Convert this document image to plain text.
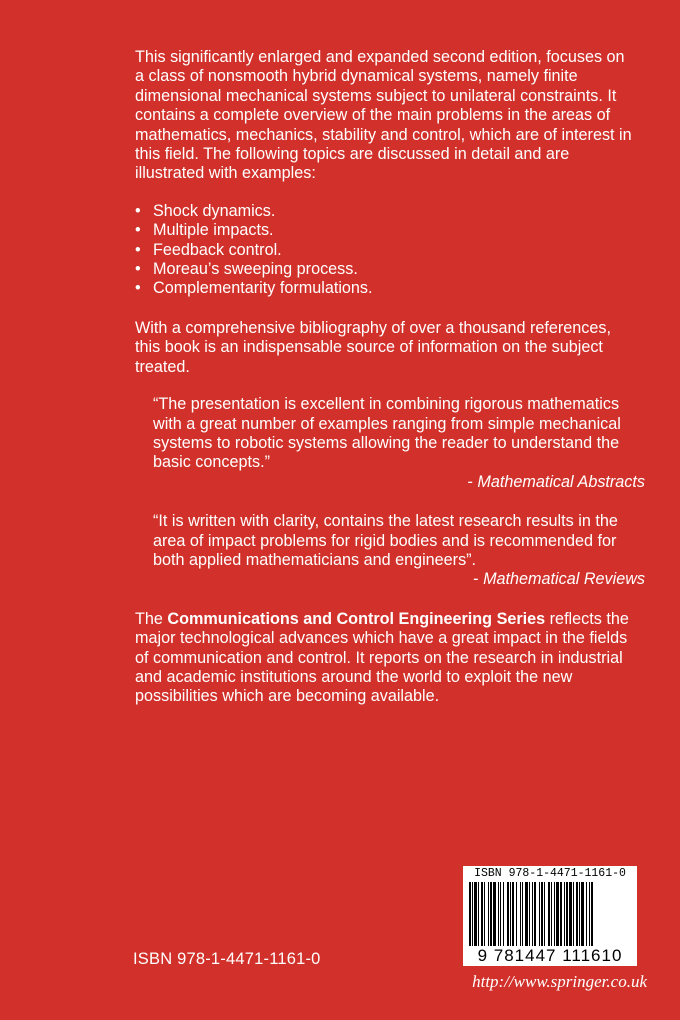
This significantly enlarged and expanded second edition, focuses on a class of nonsmooth hybrid dynamical systems, namely finite dimensional mechanical systems subject to unilateral constraints. It contains a complete overview of the main problems in the areas of mathematics, mechanics, stability and control, which are of interest in this field. The following topics are discussed in detail and are illustrated with examples:

• Shock dynamics.
• Multiple impacts.
• Feedback control.
• Moreau’s sweeping process.
• Complementarity formulations.

With a comprehensive bibliography of over a thousand references, this book is an indispensable source of information on the subject treated.

“The presentation is excellent in combining rigorous mathematics with a great number of examples ranging from simple mechanical systems to robotic systems allowing the reader to understand the basic concepts.”

- Mathematical Abstracts

“It is written with clarity, contains the latest research results in the area of impact problems for rigid bodies and is recommended for both applied mathematicians and engineers”.

- Mathematical Reviews

The Communications and Control Engineering Series reflects the major technological advances which have a great impact in the fields of communication and control. It reports on the research in industrial and academic institutions around the world to exploit the new possibilities which are becoming available.

ISBN 978-1-4471-1161-0
ISBN 978-1-4471-1161-0
9 781447 111610
http://www.springer.co.uk
